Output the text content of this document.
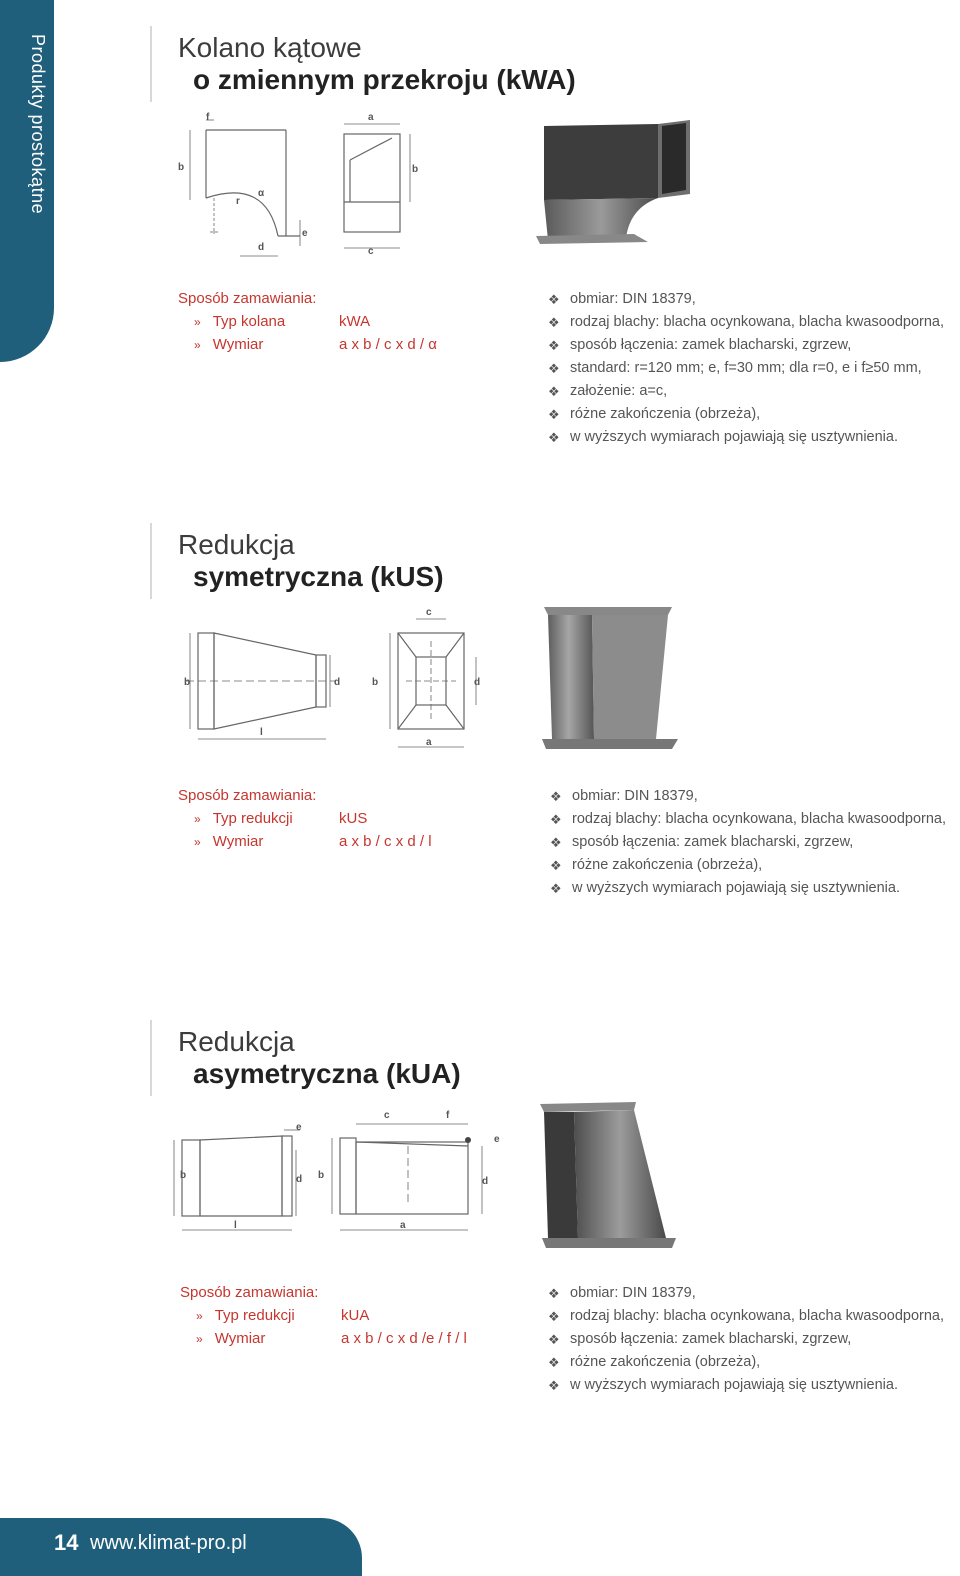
Produkty prostokątne	Kolano kątowe
o zmiennym przekroju (kWA)
f
b
α
r
d
e
a
b
c
Sposób zamawiania:
» Typ kolana	kWA
» Wymiar	a x b / c x d / α
❖ obmiar: DIN 18379,
❖ rodzaj blachy: blacha ocynkowana, blacha kwasoodporna,
❖ sposób łączenia: zamek blacharski, zgrzew,
❖ standard: r=120 mm; e, f=30 mm; dla r=0, e i f≥50 mm,
❖ założenie: a=c,
❖ różne zakończenia (obrzeża),
❖ w wyższych wymiarach pojawiają się usztywnienia.
Redukcja
symetryczna (kUS)
b	d
l
c
b	d
a
Sposób zamawiania:
» Typ redukcji	kUS
» Wymiar	a x b / c x d / l
❖ obmiar: DIN 18379,
❖ rodzaj blachy: blacha ocynkowana, blacha kwasoodporna,
❖ sposób łączenia: zamek blacharski, zgrzew,
❖ różne zakończenia (obrzeża),
❖ w wyższych wymiarach pojawiają się usztywnienia.
Redukcja
asymetryczna (kUA)
e
b	d
l
c	f
e
b
d
a
Sposób zamawiania:
» Typ redukcji	kUA
» Wymiar	a x b / c x d /e / f / l
❖ obmiar: DIN 18379,
❖ rodzaj blachy: blacha ocynkowana, blacha kwasoodporna,
❖ sposób łączenia: zamek blacharski, zgrzew,
❖ różne zakończenia (obrzeża),
❖ w wyższych wymiarach pojawiają się usztywnienia.
14 www.klimat-pro.pl
